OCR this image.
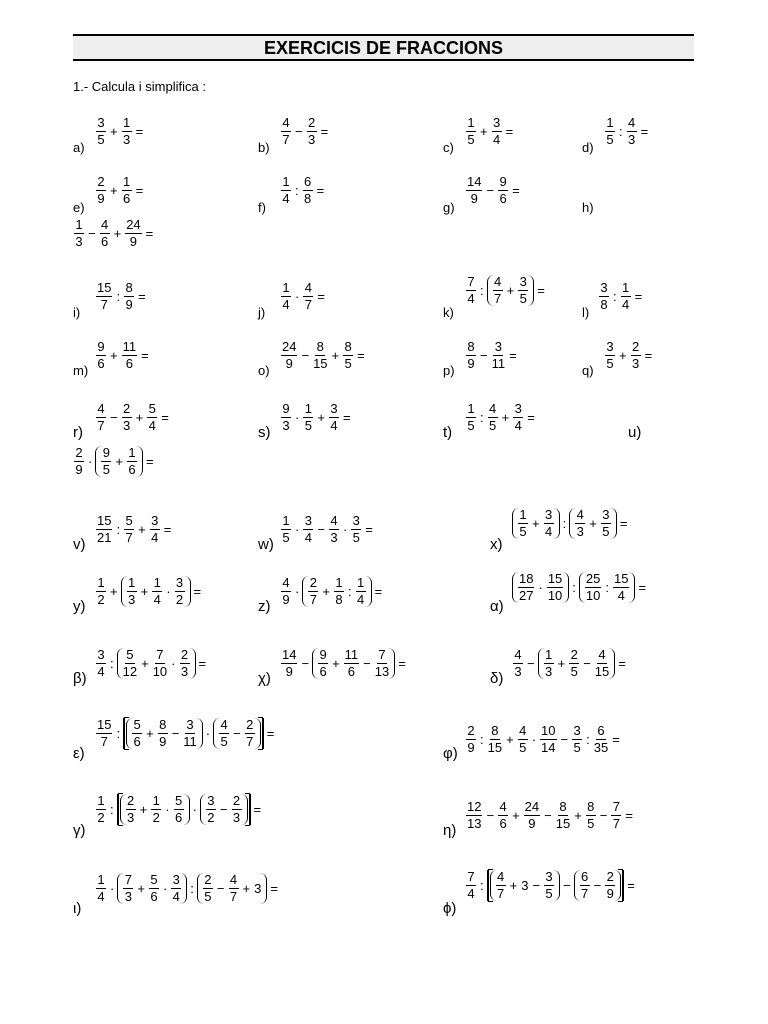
EXERCICIS DE FRACCIONS
1.- Calcula i simplifica :
a)
$\frac{3}{5} + \frac{1}{3}$ =
b)
$\frac{4}{7} - \frac{2}{3}$ =
c)
$\frac{1}{5} + \frac{3}{4}$ =
d)
$\frac{1}{5}$ : $\frac{4}{3}$ =
e)
$\frac{2}{9} + \frac{1}{6}$ =
f)
$\frac{1}{4}$ : $\frac{6}{8}$ =
g)
$\frac{14}{9} - \frac{9}{6}$ =
h)
$\frac{1}{3} - \frac{4}{6} + \frac{24}{9}$ =
i)
$\frac{15}{7}$ : $\frac{8}{9}$ =
j)
$\frac{1}{4} \cdot \frac{4}{7}$ =
k)
$\frac{7}{4}$ : $\frac{4}{7} + \frac{3}{5}$ =
l)
$\frac{3}{8}$ : $\frac{1}{4}$ =
$m) \frac{9}{6} + \frac{11}{6}$ =
$o) \frac{24}{9} - \frac{8}{15} + \frac{8}{5}$ =
$p) \frac{8}{9} - \frac{3}{11}$ =
$q) \frac{3}{5} + \frac{2}{3}$ =
$r) \frac{4}{7} - \frac{2}{3} + \frac{5}{4}$ =
$s) \frac{9}{3} \cdot \frac{1}{5} + \frac{3}{4}$ =
$t) \frac{1}{5}$ : $\frac{4}{5} + \frac{3}{4}$ =
u)
$\frac{2}{9} \cdot \frac{9}{5} + \frac{1}{6}$ =
$v) \frac{15}{21}$ : $\frac{5}{7} + \frac{3}{4}$ =
$w) \frac{1}{5} \cdot \frac{3}{4} - \frac{4}{3} \cdot \frac{3}{5}$ =
x)
$\frac{1}{5} + \frac{3}{4}$ : $\frac{4}{3} + \frac{3}{5}$ =
$y) \frac{1}{2} + \frac{1}{3} + \frac{1}{4} \cdot \frac{3}{2}$ =
$z) \frac{4}{9} \cdot \frac{2}{7} + \frac{1}{8}$ : $\frac{1}{4}$ =
α)
$\frac{18}{27} \cdot \frac{15}{10}$ : $\frac{25}{10}$ : $\frac{15}{4}$ =
$\beta) \frac{3}{4}$ : $\frac{5}{12} + \frac{7}{10} \cdot \frac{2}{3}$ =
$\chi) \frac{14}{9} - \frac{9}{6} + \frac{11}{6} - \frac{7}{13}$ =
$\delta) \frac{4}{3} - \frac{1}{3} + \frac{2}{5} - \frac{4}{15}$ =
ε)
$\frac{15}{7}$ : $\frac{5}{6} + \frac{8}{9} - \frac{3}{11} \cdot \frac{4}{5} - \frac{2}{7}$ =
$\varphi) \frac{2}{9}$ : $\frac{8}{15} + \frac{4}{5} \cdot \frac{10}{14} - \frac{3}{5}$ : $\frac{6}{35}$ =
γ)
$\frac{1}{2}$ : $\frac{2}{3} + \frac{1}{2} \cdot \frac{5}{6} \cdot \frac{3}{2} - \frac{2}{3}$ =
$\eta) \frac{12}{13} - \frac{4}{6} + \frac{24}{9} - \frac{8}{15} + \frac{8}{5} - \frac{7}{7}$ =
ι)
$\frac{1}{4} \cdot \frac{7}{3} + \frac{5}{6} \cdot \frac{3}{4}$ : $\frac{2}{5} - \frac{4}{7} + 3$ =
ϕ)
$\frac{7}{4}$ : $\frac{4}{7} + 3 - \frac{3}{5} - \frac{6}{7} - \frac{2}{9}$ =
